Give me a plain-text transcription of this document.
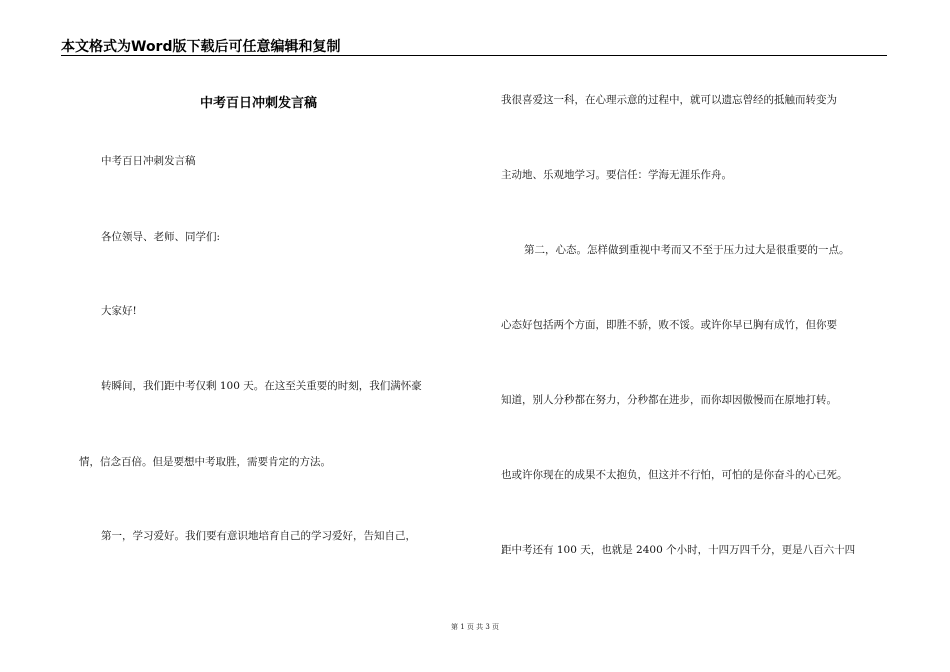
本文格式为Word版下载后可任意编辑和复制
中考百日冲刺发言稿
中考百日冲刺发言稿
各位领导、老师、同学们:
大家好!
转瞬间，我们距中考仅剩 100 天。在这至关重要的时刻，我们满怀豪
情，信念百倍。但是要想中考取胜，需要肯定的方法。
第一，学习爱好。我们要有意识地培育自己的学习爱好，告知自己，
我很喜爱这一科，在心理示意的过程中，就可以遗忘曾经的抵触而转变为
主动地、乐观地学习。要信任：学海无涯乐作舟。
第二，心态。怎样做到重视中考而又不至于压力过大是很重要的一点。
心态好包括两个方面，即胜不骄，败不馁。或许你早已胸有成竹，但你要
知道，别人分秒都在努力，分秒都在进步，而你却因傲慢而在原地打转。
也或许你现在的成果不太抱负，但这并不行怕，可怕的是你奋斗的心已死。
距中考还有 100 天，也就是 2400 个小时，十四万四千分，更是八百六十四
第 1 页 共 3 页
